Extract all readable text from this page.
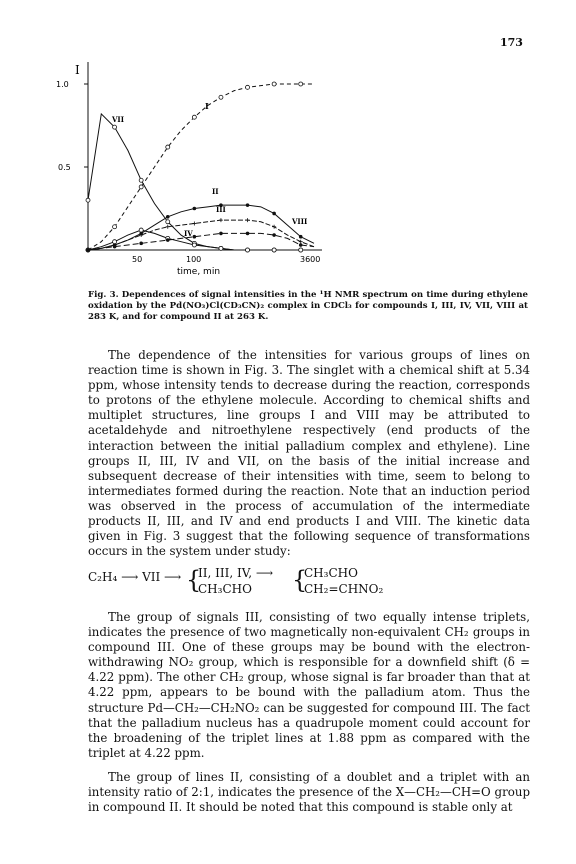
173
I
1.0
0.5
50	100	3600
time, min
I
VII
II
III
IV
VIII
Fig. 3. Dependences of signal intensities in the ¹H NMR spectrum on time during ethylene oxidation by the Pd(NO₃)Cl(CD₃CN)₂ complex in CDCl₃ for compounds I, III, IV, VII, VIII at 283 K, and for compound II at 263 K.
The dependence of the intensities for various groups of lines on reaction time is shown in Fig. 3. The singlet with a chemical shift at 5.34 ppm, whose intensity tends to decrease during the reaction, corresponds to protons of the ethylene molecule. According to chemical shifts and multiplet structures, line groups I and VIII may be attributed to acetaldehyde and nitroethylene respectively (end products of the interaction between the initial palladium complex and ethylene). Line groups II, III, IV and VII, on the basis of the initial increase and subsequent decrease of their intensities with time, seem to belong to intermediates formed during the reaction. Note that an induction period was observed in the process of accumulation of the intermediate products II, III, and IV and end products I and VIII. The kinetic data given in Fig. 3 suggest that the following sequence of transformations occurs in the system under study:
C₂H₄ ⟶ VII ⟶ {
II, III, IV, ⟶
CH₃CHO {
CH₃CHO
CH₂=CHNO₂
The group of signals III, consisting of two equally intense triplets, indicates the presence of two magnetically non-equivalent CH₂ groups in compound III. One of these groups may be bound with the electron-withdrawing NO₂ group, which is responsible for a downfield shift (δ = 4.22 ppm). The other CH₂ group, whose signal is far broader than that at 4.22 ppm, appears to be bound with the palladium atom. Thus the structure Pd—CH₂—CH₂NO₂ can be suggested for compound III. The fact that the palladium nucleus has a quadrupole moment could account for the broadening of the triplet lines at 1.88 ppm as compared with the triplet at 4.22 ppm.
The group of lines II, consisting of a doublet and a triplet with an intensity ratio of 2:1, indicates the presence of the X—CH₂—CH=O group in compound II. It should be noted that this compound is stable only at
